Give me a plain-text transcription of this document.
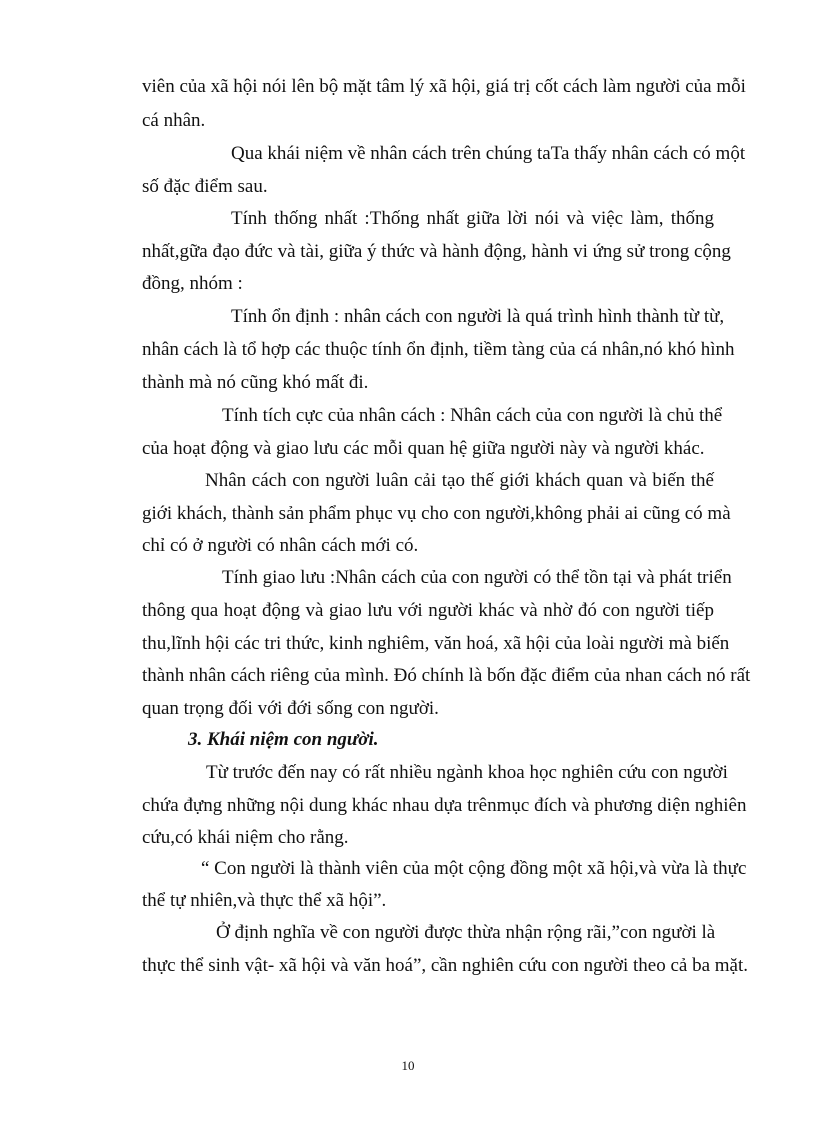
viên của xã hội nói lên bộ mặt tâm lý xã hội, giá trị cốt cách làm người của mỗi
cá nhân.
Qua khái niệm về nhân cách trên chúng taTa thấy nhân cách có một
số đặc điểm sau.
Tính thống nhất :Thống nhất giữa lời nói và việc làm, thống
nhất,gữa đạo đức và tài, giữa ý thức và hành động, hành vi ứng sử trong cộng
đồng, nhóm :
Tính ổn định : nhân cách con người là quá trình hình thành từ từ,
nhân cách là tổ hợp các thuộc tính ổn định, tiềm tàng của cá nhân,nó khó hình
thành mà nó cũng khó mất đi.
Tính tích cực của nhân cách : Nhân cách của con người là chủ thể
của hoạt động và giao lưu các mỗi quan hệ giữa người này và người khác.
Nhân cách con người luân cải tạo thế giới khách quan và biến thế
giới khách, thành sản phẩm phục vụ cho con người,không phải ai cũng có mà
chỉ có ở người có nhân cách mới có.
Tính giao lưu :Nhân cách của con người có thể tồn tại và phát triển
thông qua hoạt động và giao lưu với người khác và nhờ đó con người tiếp
thu,lĩnh hội các tri thức, kinh nghiêm, văn hoá, xã hội của loài người mà biến
thành nhân cách riêng của mình. Đó chính là bốn đặc điểm của nhan cách nó rất
quan trọng đối với đới sống con người.
3. Khái niệm con người.
Từ trước đến nay có rất nhiều ngành khoa học nghiên cứu con người
chứa đựng những nội dung khác nhau dựa trênmục đích và phương diện nghiên
cứu,có khái niệm cho rằng.
“ Con người là thành viên của một cộng đồng một xã hội,và vừa là thực
thể tự nhiên,và thực thể xã hội”.
Ở định nghĩa về con người được thừa nhận rộng rãi,”con người là
thực thể sinh vật- xã hội và văn hoá”, cần nghiên cứu con người theo cả ba mặt.
10
